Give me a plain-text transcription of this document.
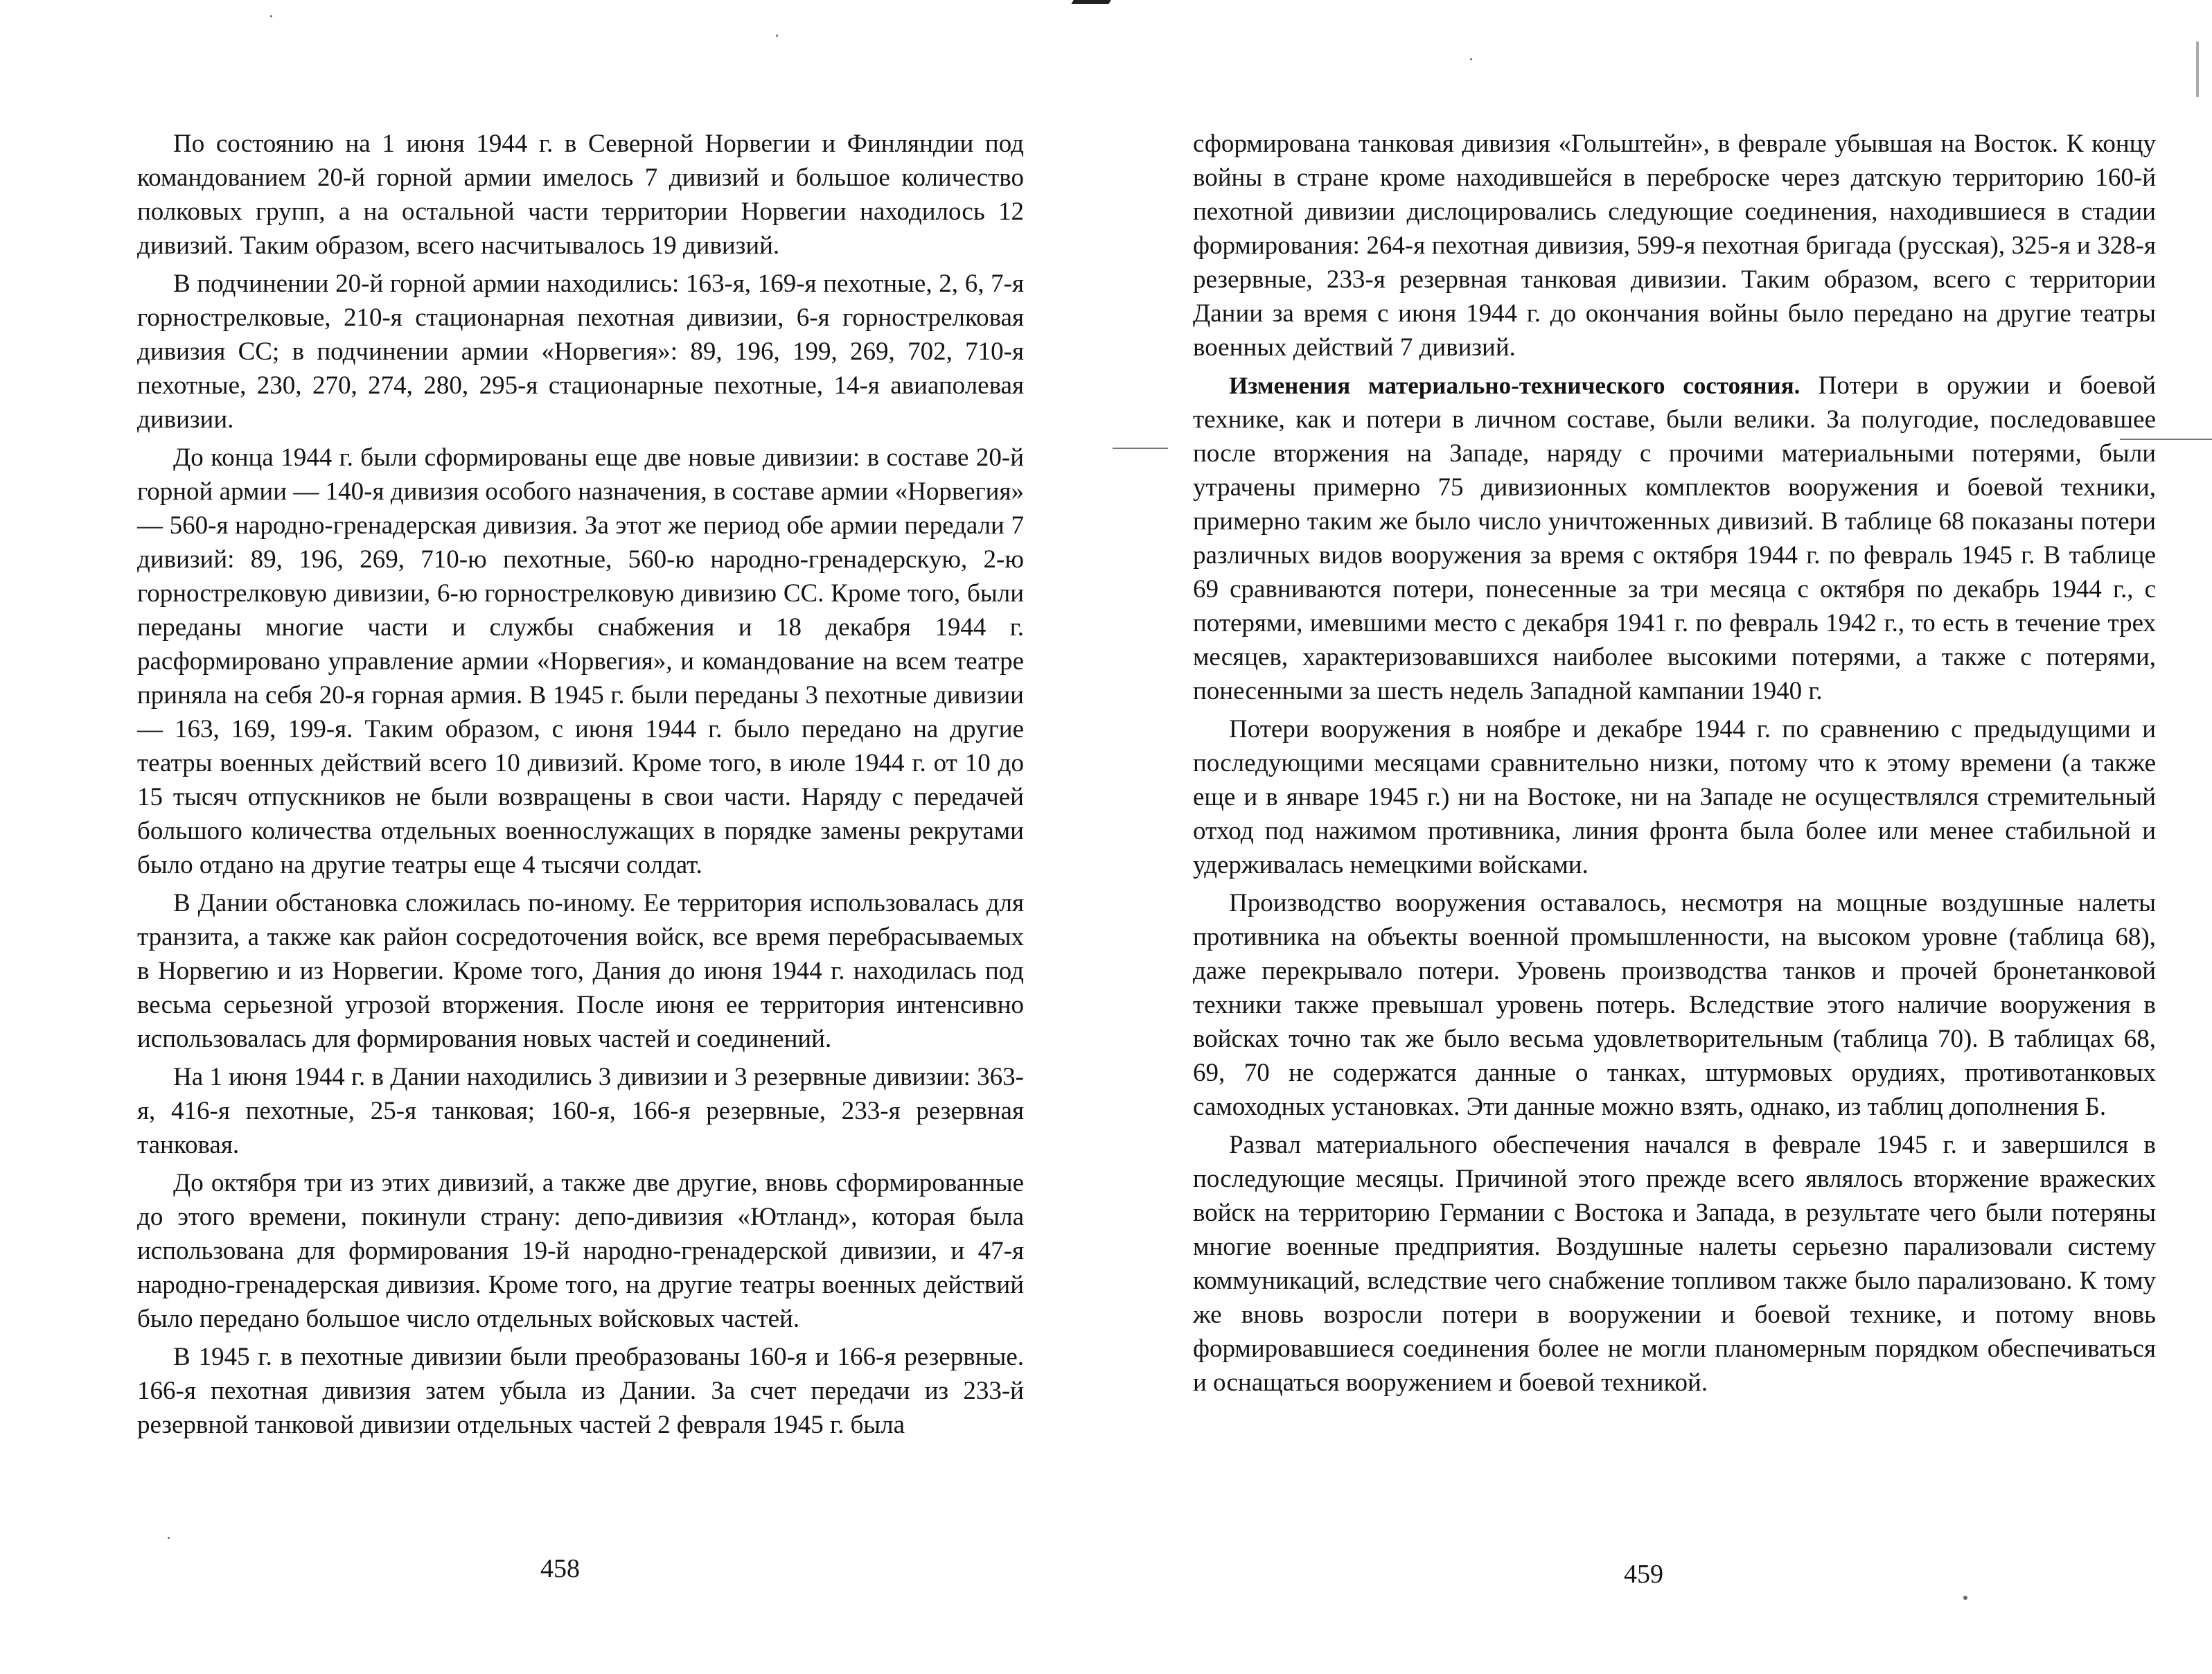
По состоянию на 1 июня 1944 г. в Северной Норвегии и Финляндии под командованием 20-й горной армии имелось 7 дивизий и большое количество полковых групп, а на остальной части территории Норвегии находилось 12 дивизий. Таким образом, всего насчитывалось 19 дивизий.

В подчинении 20-й горной армии находились: 163-я, 169-я пехотные, 2, 6, 7-я горнострелковые, 210-я стационарная пехотная дивизии, 6-я горнострелковая дивизия СС; в подчинении армии «Норвегия»: 89, 196, 199, 269, 702, 710-я пехотные, 230, 270, 274, 280, 295-я стационарные пехотные, 14-я авиаполевая дивизии.

До конца 1944 г. были сформированы еще две новые дивизии: в составе 20-й горной армии — 140-я дивизия особого назначения, в составе армии «Норвегия» — 560-я народно-гренадерская дивизия. За этот же период обе армии передали 7 дивизий: 89, 196, 269, 710-ю пехотные, 560-ю народно-гренадерскую, 2-ю горнострелковую дивизии, 6-ю горнострелковую дивизию СС. Кроме того, были переданы многие части и службы снабжения и 18 декабря 1944 г. расформировано управление армии «Норвегия», и командование на всем театре приняла на себя 20-я горная армия. В 1945 г. были переданы 3 пехотные дивизии — 163, 169, 199-я. Таким образом, с июня 1944 г. было передано на другие театры военных действий всего 10 дивизий. Кроме того, в июле 1944 г. от 10 до 15 тысяч отпускников не были возвращены в свои части. Наряду с передачей большого количества отдельных военнослужащих в порядке замены рекрутами было отдано на другие театры еще 4 тысячи солдат.

В Дании обстановка сложилась по-иному. Ее территория использовалась для транзита, а также как район сосредоточения войск, все время перебрасываемых в Норвегию и из Норвегии. Кроме того, Дания до июня 1944 г. находилась под весьма серьезной угрозой вторжения. После июня ее территория интенсивно использовалась для формирования новых частей и соединений.

На 1 июня 1944 г. в Дании находились 3 дивизии и 3 резервные дивизии: 363-я, 416-я пехотные, 25-я танковая; 160-я, 166-я резервные, 233-я резервная танковая.

До октября три из этих дивизий, а также две другие, вновь сформированные до этого времени, покинули страну: депо-дивизия «Ютланд», которая была использована для формирования 19-й народно-гренадерской дивизии, и 47-я народно-гренадерская дивизия. Кроме того, на другие театры военных действий было передано большое число отдельных войсковых частей.

В 1945 г. в пехотные дивизии были преобразованы 160-я и 166-я резервные. 166-я пехотная дивизия затем убыла из Дании. За счет передачи из 233-й резервной танковой дивизии отдельных частей 2 февраля 1945 г. была

458

сформирована танковая дивизия «Гольштейн», в феврале убывшая на Восток. К концу войны в стране кроме находившейся в переброске через датскую территорию 160-й пехотной дивизии дислоцировались следующие соединения, находившиеся в стадии формирования: 264-я пехотная дивизия, 599-я пехотная бригада (русская), 325-я и 328-я резервные, 233-я резервная танковая дивизии. Таким образом, всего с территории Дании за время с июня 1944 г. до окончания войны было передано на другие театры военных действий 7 дивизий.

Изменения материально-технического состояния. Потери в оружии и боевой технике, как и потери в личном составе, были велики. За полугодие, последовавшее после вторжения на Западе, наряду с прочими материальными потерями, были утрачены примерно 75 дивизионных комплектов вооружения и боевой техники, примерно таким же было число уничтоженных дивизий. В таблице 68 показаны потери различных видов вооружения за время с октября 1944 г. по февраль 1945 г. В таблице 69 сравниваются потери, понесенные за три месяца с октября по декабрь 1944 г., с потерями, имевшими место с декабря 1941 г. по февраль 1942 г., то есть в течение трех месяцев, характеризовавшихся наиболее высокими потерями, а также с потерями, понесенными за шесть недель Западной кампании 1940 г.

Потери вооружения в ноябре и декабре 1944 г. по сравнению с предыдущими и последующими месяцами сравнительно низки, потому что к этому времени (а также еще и в январе 1945 г.) ни на Востоке, ни на Западе не осуществлялся стремительный отход под нажимом противника, линия фронта была более или менее стабильной и удерживалась немецкими войсками.

Производство вооружения оставалось, несмотря на мощные воздушные налеты противника на объекты военной промышленности, на высоком уровне (таблица 68), даже перекрывало потери. Уровень производства танков и прочей бронетанковой техники также превышал уровень потерь. Вследствие этого наличие вооружения в войсках точно так же было весьма удовлетворительным (таблица 70). В таблицах 68, 69, 70 не содержатся данные о танках, штурмовых орудиях, противотанковых самоходных установках. Эти данные можно взять, однако, из таблиц дополнения Б.

Развал материального обеспечения начался в феврале 1945 г. и завершился в последующие месяцы. Причиной этого прежде всего являлось вторжение вражеских войск на территорию Германии с Востока и Запада, в результате чего были потеряны многие военные предприятия. Воздушные налеты серьезно парализовали систему коммуникаций, вследствие чего снабжение топливом также было парализовано. К тому же вновь возросли потери в вооружении и боевой технике, и потому вновь формировавшиеся соединения более не могли планомерным порядком обеспечиваться и оснащаться вооружением и боевой техникой.

459
